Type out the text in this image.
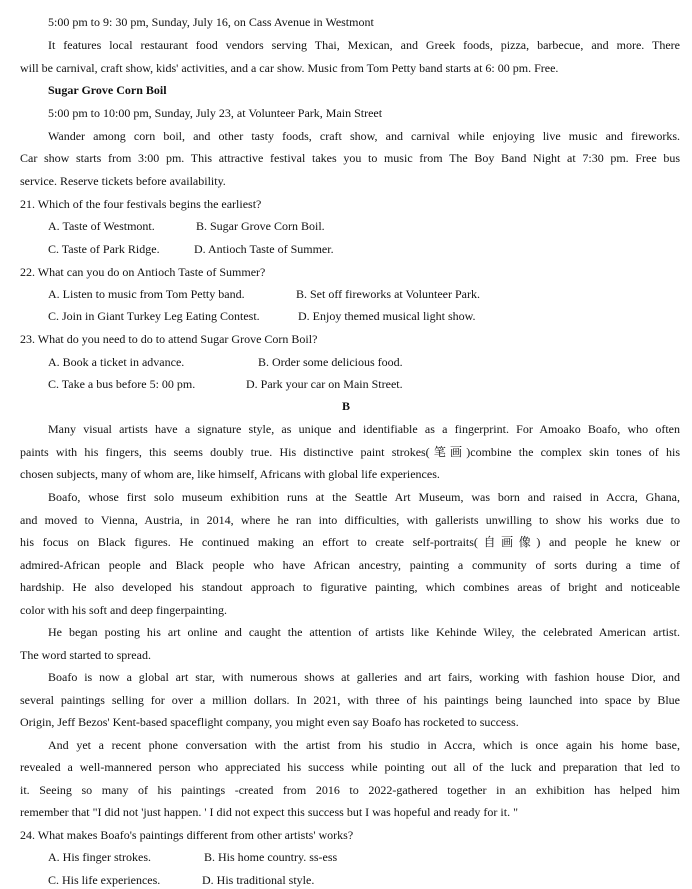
5:00 pm to 9: 30 pm, Sunday, July 16, on Cass Avenue in Westmont
It features local restaurant food vendors serving Thai, Mexican, and Greek foods, pizza, barbecue, and more. There
will be carnival, craft show, kids' activities, and a car show. Music from Tom Petty band starts at 6: 00 pm. Free.
Sugar Grove Corn Boil
5:00 pm to 10:00 pm, Sunday, July 23, at Volunteer Park, Main Street
Wander among corn boil, and other tasty foods, craft show, and carnival while enjoying live music and fireworks.
Car show starts from 3:00 pm. This attractive festival takes you to music from The Boy Band Night at 7:30 pm. Free bus
service. Reserve tickets before availability.
21. Which of the four festivals begins the earliest?
A. Taste of Westmont.	B. Sugar Grove Corn Boil.
C. Taste of Park Ridge.	D. Antioch Taste of Summer.
22. What can you do on Antioch Taste of Summer?
A. Listen to music from Tom Petty band.	B. Set off fireworks at Volunteer Park.
C. Join in Giant Turkey Leg Eating Contest.	D. Enjoy themed musical light show.
23. What do you need to do to attend Sugar Grove Corn Boil?
A. Book a ticket in advance.	B. Order some delicious food.
C. Take a bus before 5: 00 pm.	D. Park your car on Main Street.
B
Many visual artists have a signature style, as unique and identifiable as a fingerprint. For Amoako Boafo, who often
paints with his fingers, this seems doubly true. His distinctive paint strokes(笔画)combine the complex skin tones of his
chosen subjects, many of whom are, like himself, Africans with global life experiences.
Boafo, whose first solo museum exhibition runs at the Seattle Art Museum, was born and raised in Accra, Ghana,
and moved to Vienna, Austria, in 2014, where he ran into difficulties, with gallerists unwilling to show his works due to
his focus on Black figures. He continued making an effort to create self-portraits(自画像) and people he knew or
admired-African people and Black people who have African ancestry, painting a community of sorts during a time of
hardship. He also developed his standout approach to figurative painting, which combines areas of bright and noticeable
color with his soft and deep fingerpainting.
He began posting his art online and caught the attention of artists like Kehinde Wiley, the celebrated American artist.
The word started to spread.
Boafo is now a global art star, with numerous shows at galleries and art fairs, working with fashion house Dior, and
several paintings selling for over a million dollars. In 2021, with three of his paintings being launched into space by Blue
Origin, Jeff Bezos' Kent-based spaceflight company, you might even say Boafo has rocketed to success.
And yet a recent phone conversation with the artist from his studio in Accra, which is once again his home base,
revealed a well-mannered person who appreciated his success while pointing out all of the luck and preparation that led to
it. Seeing so many of his paintings -created from 2016 to 2022-gathered together in an exhibition has helped him
remember that "I did not 'just happen. ' I did not expect this success but I was hopeful and ready for it. "
24. What makes Boafo's paintings different from other artists' works?
A. His finger strokes.	B. His home country. ss-ess
C. His life experiences.	D. His traditional style.
